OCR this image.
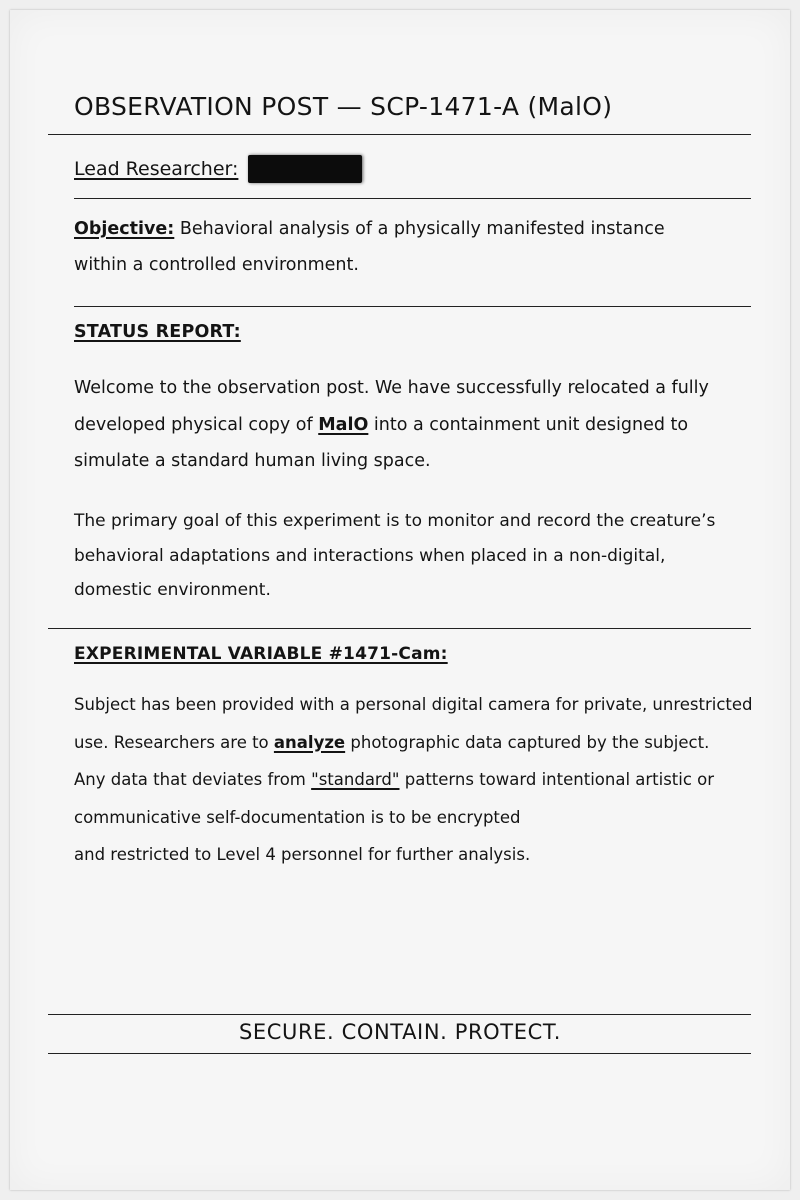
OBSERVATION POST — SCP-1471-A (MalO)
Lead Researcher:
Objective: Behavioral analysis of a physically manifested instance
within a controlled environment.
STATUS REPORT:
Welcome to the observation post. We have successfully relocated a fully
developed physical copy of MalO into a containment unit designed to
simulate a standard human living space.
The primary goal of this experiment is to monitor and record the creature’s
behavioral adaptations and interactions when placed in a non-digital,
domestic environment.
EXPERIMENTAL VARIABLE #1471-Cam:
Subject has been provided with a personal digital camera for private, unrestricted
use. Researchers are to analyze photographic data captured by the subject.
Any data that deviates from "standard" patterns toward intentional artistic or
communicative self-documentation is to be encrypted
and restricted to Level 4 personnel for further analysis.
SECURE. CONTAIN. PROTECT.
